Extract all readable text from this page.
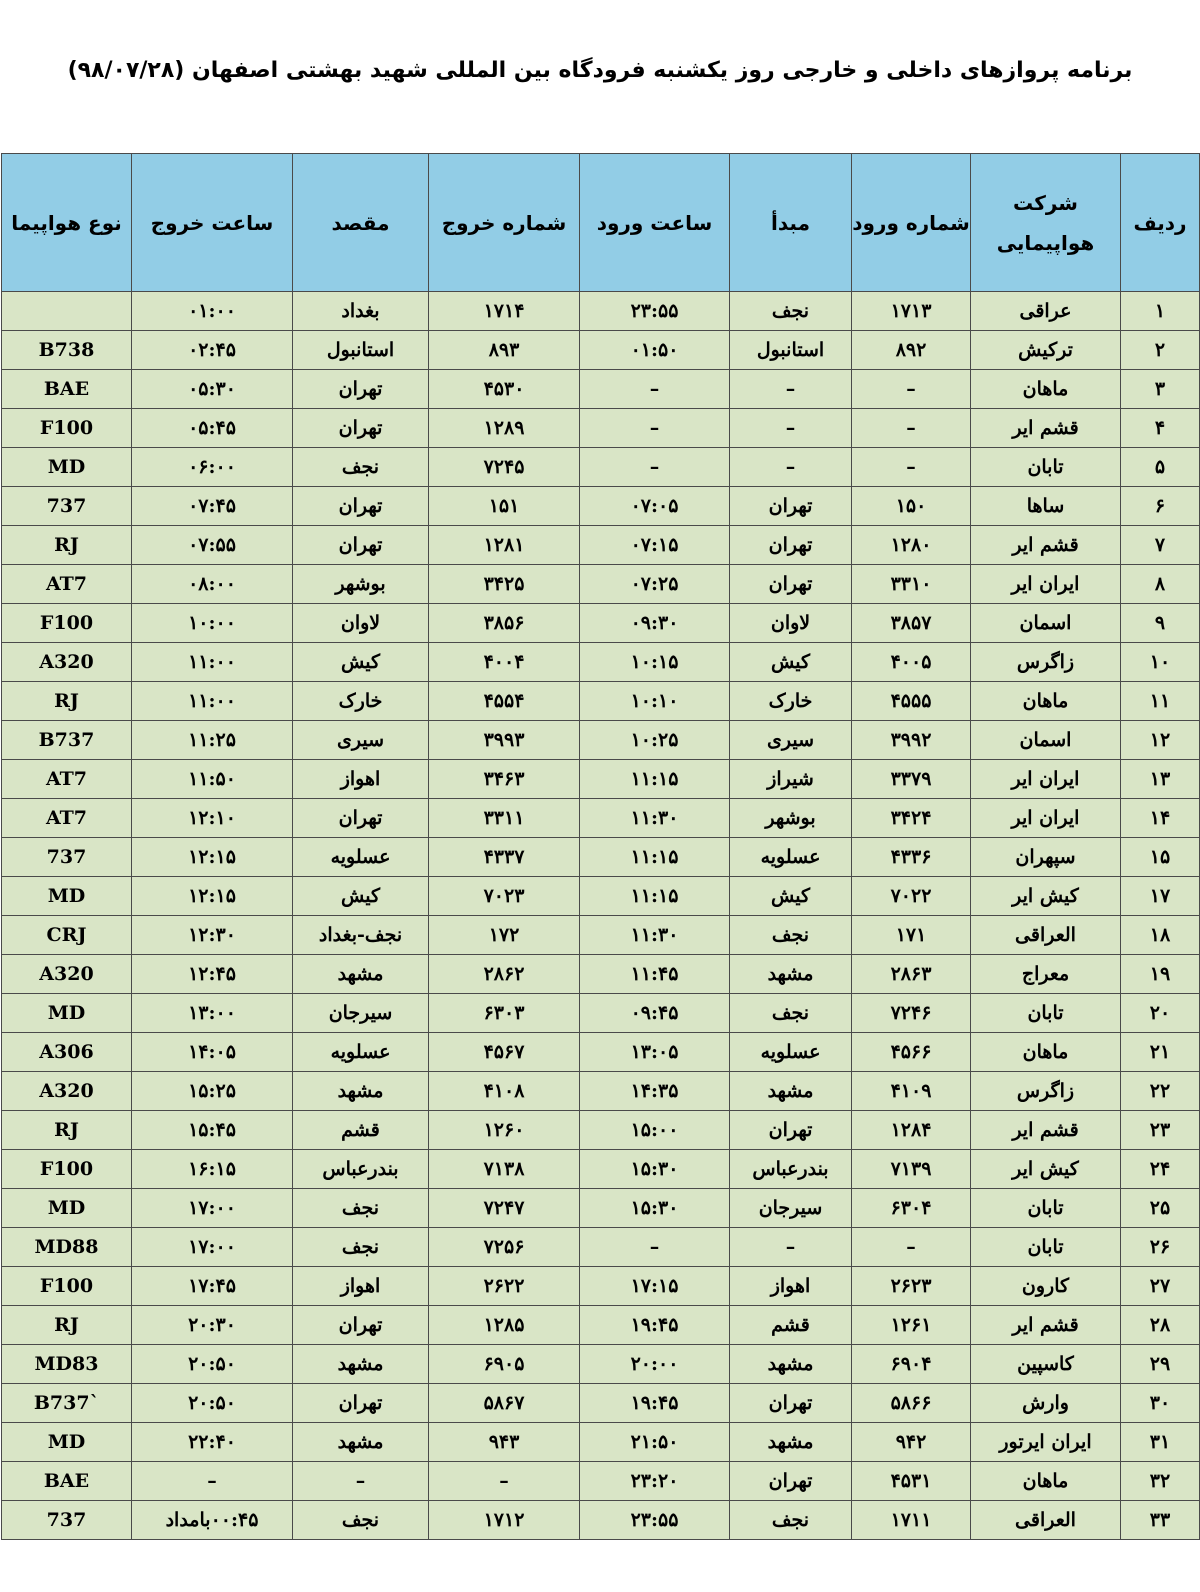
برنامه پروازهای داخلی و خارجی روز یکشنبه فرودگاه بین المللی شهید بهشتی اصفهان (۹۸/۰۷/۲۸)
ردیف	شرکت هواپیمایی	شماره ورود	مبدأ	ساعت ورود	شماره خروج	مقصد	ساعت خروج	نوع هواپیما
۱	عراقی	۱۷۱۳	نجف	۲۳:۵۵	۱۷۱۴	بغداد	۰۱:۰۰	
۲	ترکیش	۸۹۲	استانبول	۰۱:۵۰	۸۹۳	استانبول	۰۲:۴۵	B738
۳	ماهان	–	–	–	۴۵۳۰	تهران	۰۵:۳۰	BAE
۴	قشم ایر	–	–	–	۱۲۸۹	تهران	۰۵:۴۵	F100
۵	تابان	–	–	–	۷۲۴۵	نجف	۰۶:۰۰	MD
۶	ساها	۱۵۰	تهران	۰۷:۰۵	۱۵۱	تهران	۰۷:۴۵	737
۷	قشم ایر	۱۲۸۰	تهران	۰۷:۱۵	۱۲۸۱	تهران	۰۷:۵۵	RJ
۸	ایران ایر	۳۳۱۰	تهران	۰۷:۲۵	۳۴۲۵	بوشهر	۰۸:۰۰	AT7
۹	اسمان	۳۸۵۷	لاوان	۰۹:۳۰	۳۸۵۶	لاوان	۱۰:۰۰	F100
۱۰	زاگرس	۴۰۰۵	کیش	۱۰:۱۵	۴۰۰۴	کیش	۱۱:۰۰	A320
۱۱	ماهان	۴۵۵۵	خارک	۱۰:۱۰	۴۵۵۴	خارک	۱۱:۰۰	RJ
۱۲	اسمان	۳۹۹۲	سیری	۱۰:۲۵	۳۹۹۳	سیری	۱۱:۲۵	B737
۱۳	ایران ایر	۳۳۷۹	شیراز	۱۱:۱۵	۳۴۶۳	اهواز	۱۱:۵۰	AT7
۱۴	ایران ایر	۳۴۲۴	بوشهر	۱۱:۳۰	۳۳۱۱	تهران	۱۲:۱۰	AT7
۱۵	سپهران	۴۳۳۶	عسلویه	۱۱:۱۵	۴۳۳۷	عسلویه	۱۲:۱۵	737
۱۷	کیش ایر	۷۰۲۲	کیش	۱۱:۱۵	۷۰۲۳	کیش	۱۲:۱۵	MD
۱۸	العراقی	۱۷۱	نجف	۱۱:۳۰	۱۷۲	نجف-بغداد	۱۲:۳۰	CRJ
۱۹	معراج	۲۸۶۳	مشهد	۱۱:۴۵	۲۸۶۲	مشهد	۱۲:۴۵	A320
۲۰	تابان	۷۲۴۶	نجف	۰۹:۴۵	۶۳۰۳	سیرجان	۱۳:۰۰	MD
۲۱	ماهان	۴۵۶۶	عسلویه	۱۳:۰۵	۴۵۶۷	عسلویه	۱۴:۰۵	A306
۲۲	زاگرس	۴۱۰۹	مشهد	۱۴:۳۵	۴۱۰۸	مشهد	۱۵:۲۵	A320
۲۳	قشم ایر	۱۲۸۴	تهران	۱۵:۰۰	۱۲۶۰	قشم	۱۵:۴۵	RJ
۲۴	کیش ایر	۷۱۳۹	بندرعباس	۱۵:۳۰	۷۱۳۸	بندرعباس	۱۶:۱۵	F100
۲۵	تابان	۶۳۰۴	سیرجان	۱۵:۳۰	۷۲۴۷	نجف	۱۷:۰۰	MD
۲۶	تابان	–	–	–	۷۲۵۶	نجف	۱۷:۰۰	MD88
۲۷	کارون	۲۶۲۳	اهواز	۱۷:۱۵	۲۶۲۲	اهواز	۱۷:۴۵	F100
۲۸	قشم ایر	۱۲۶۱	قشم	۱۹:۴۵	۱۲۸۵	تهران	۲۰:۳۰	RJ
۲۹	کاسپین	۶۹۰۴	مشهد	۲۰:۰۰	۶۹۰۵	مشهد	۲۰:۵۰	MD83
۳۰	وارش	۵۸۶۶	تهران	۱۹:۴۵	۵۸۶۷	تهران	۲۰:۵۰	B737`
۳۱	ایران ایرتور	۹۴۲	مشهد	۲۱:۵۰	۹۴۳	مشهد	۲۲:۴۰	MD
۳۲	ماهان	۴۵۳۱	تهران	۲۳:۲۰	–	–	–	BAE
۳۳	العراقی	۱۷۱۱	نجف	۲۳:۵۵	۱۷۱۲	نجف	۰۰:۴۵بامداد	737
